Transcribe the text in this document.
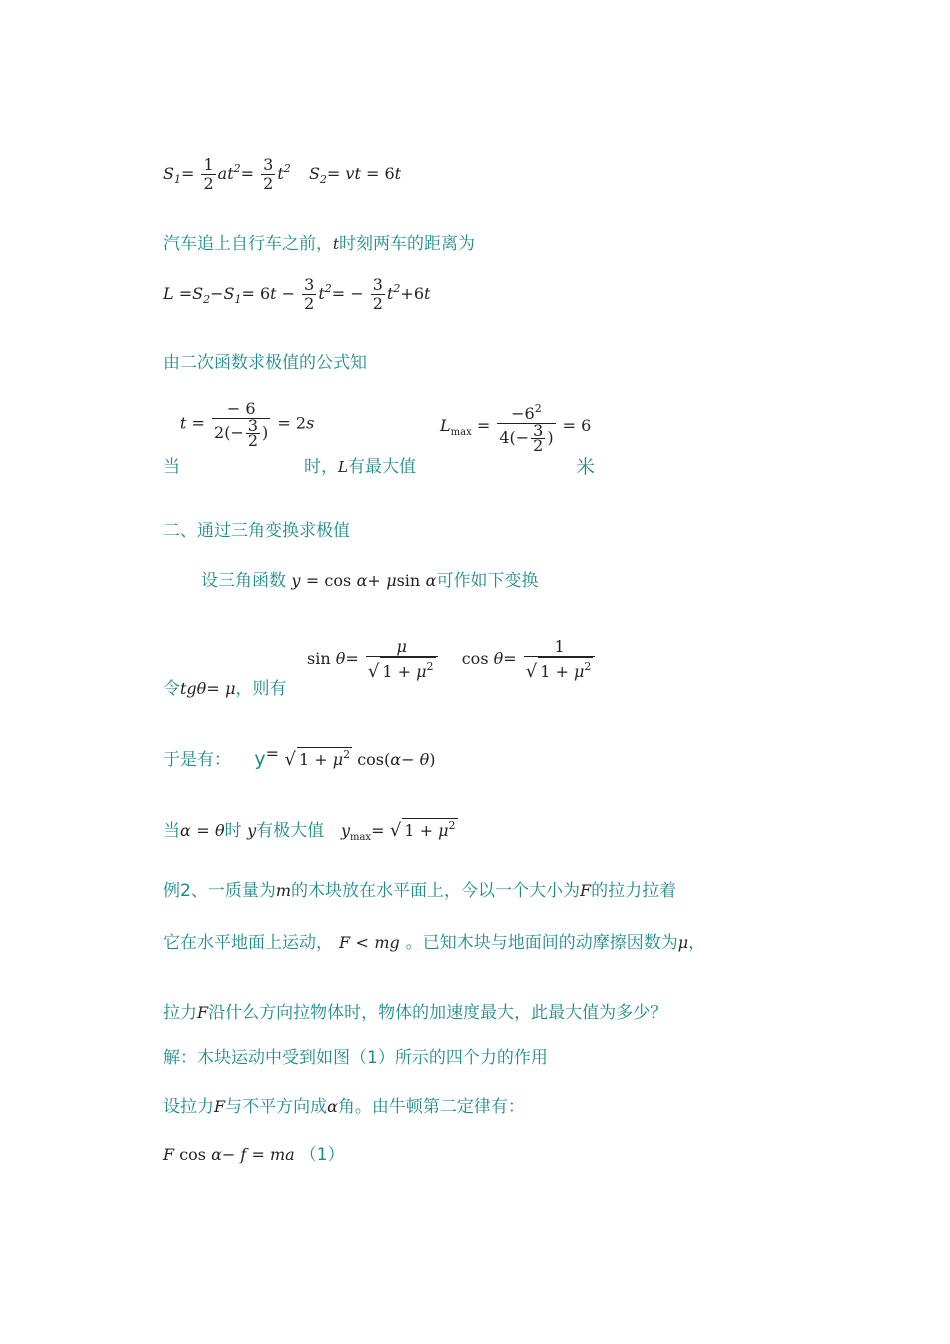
$S_1= \frac{1}{2} at^2= \frac{3}{2} t^2$ $S_2=$ vt = 6t
汽车追上自行车之前，t时刻两车的距离为
$L =S_2-S_1= 6t - \frac{3}{2} t^2= - \frac{3}{2} t^2+6t$
由二次函数求极值的公式知
$t = \frac{- 6}{2(- \frac{3}{2} )} = 2s$	$L_{max} = \frac{-6^2}{4(- \frac{3}{2} )} = 6$
当	时，L有最大值	米
二、通过三角变换求极值
设三角函数 y = cos α+ μsin α可作如下变换
$\sin \theta= \frac{\mu}{√ 1 + \mu^2}$ $\cos \theta= \frac{1}{√ 1 + \mu^2}$
令tgθ= μ，则有
于是有： y= √ $1 + \mu^2$ cos(α− θ)
当α = θ时 y有极大值 $y_{max}=$ √ $1 + \mu^2$
例2、一质量为m的木块放在水平面上，今以一个大小为F的拉力拉着
它在水平地面上运动， F < mg 。已知木块与地面间的动摩擦因数为μ，
拉力F沿什么方向拉物体时，物体的加速度最大，此最大值为多少？
解：木块运动中受到如图（1）所示的四个力的作用
设拉力F与不平方向成α角。由牛顿第二定律有：
F cos α− f = ma （1）
